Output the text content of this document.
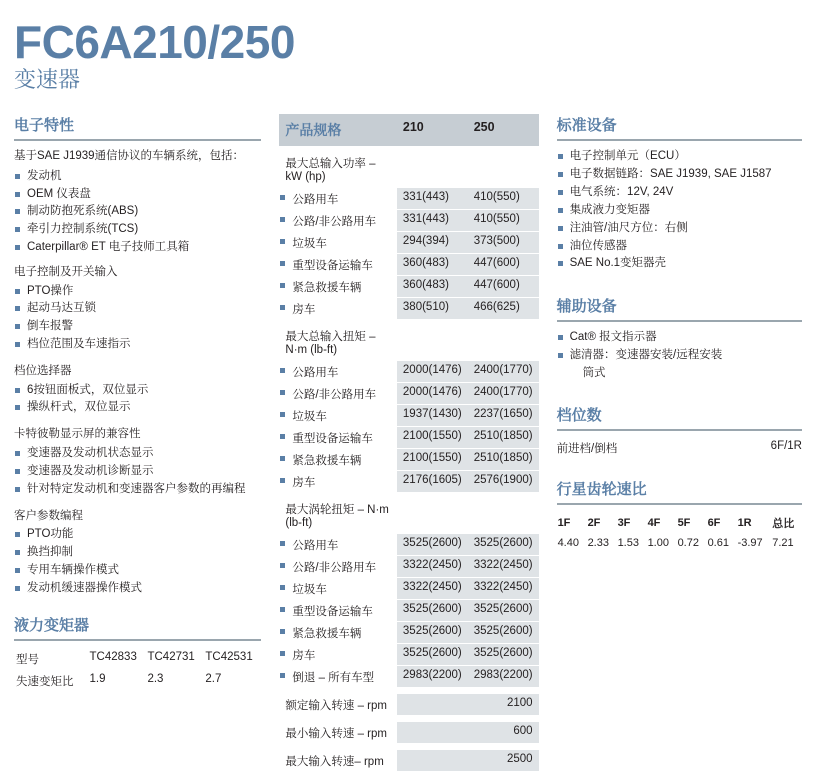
FC6A210/250
变速器
电子特性

基于SAE J1939通信协议的车辆系统，包括：

发动机
OEM 仪表盘
制动防抱死系统(ABS)
牵引力控制系统(TCS)
Caterpillar® ET 电子技师工具箱
电子控制及开关输入
PTO操作
起动马达互锁
倒车报警
档位范围及车速指示
档位选择器
6按钮面板式，双位显示
操纵杆式，双位显示
卡特彼勒显示屏的兼容性
变速器及发动机状态显示
变速器及发动机诊断显示
针对特定发动机和变速器客户参数的再编程
客户参数编程
PTO功能
换挡抑制
专用车辆操作模式
发动机缓速器操作模式
液力变矩器
型号	TC42833	TC42731	TC42531
失速变矩比	1.9	2.3	2.7
产品规格	210	250
最大总输入功率 – kW (hp)		
公路用车	331(443)	410(550)
公路/非公路用车	331(443)	410(550)
垃圾车	294(394)	373(500)
重型设备运输车	360(483)	447(600)
紧急救援车辆	360(483)	447(600)
房车	380(510)	466(625)
最大总输入扭矩 – N·m (lb-ft)		
公路用车	2000(1476)	2400(1770)
公路/非公路用车	2000(1476)	2400(1770)
垃圾车	1937(1430)	2237(1650)
重型设备运输车	2100(1550)	2510(1850)
紧急救援车辆	2100(1550)	2510(1850)
房车	2176(1605)	2576(1900)
最大涡轮扭矩 – N·m (lb-ft)		
公路用车	3525(2600)	3525(2600)
公路/非公路用车	3322(2450)	3322(2450)
垃圾车	3322(2450)	3322(2450)
重型设备运输车	3525(2600)	3525(2600)
紧急救援车辆	3525(2600)	3525(2600)
房车	3525(2600)	3525(2600)
倒退 – 所有车型	2983(2200)	2983(2200)

额定输入转速 – rpm	2100	

最小输入转速 – rpm	600	

最大输入转速– rpm	2500	
标准设备
电子控制单元（ECU）
电子数据链路：SAE J1939, SAE J1587
电气系统：12V, 24V
集成液力变矩器
注油管/油尺方位：右侧
油位传感器
SAE No.1变矩器壳
辅助设备
Cat® 报文指示器
滤清器：变速器安装/远程安装
筒式
档位数
前进档/倒档	6F/1R
行星齿轮速比
1F	2F	3F	4F	5F	6F	1R	总比
4.40	2.33	1.53	1.00	0.72	0.61	-3.97	7.21
